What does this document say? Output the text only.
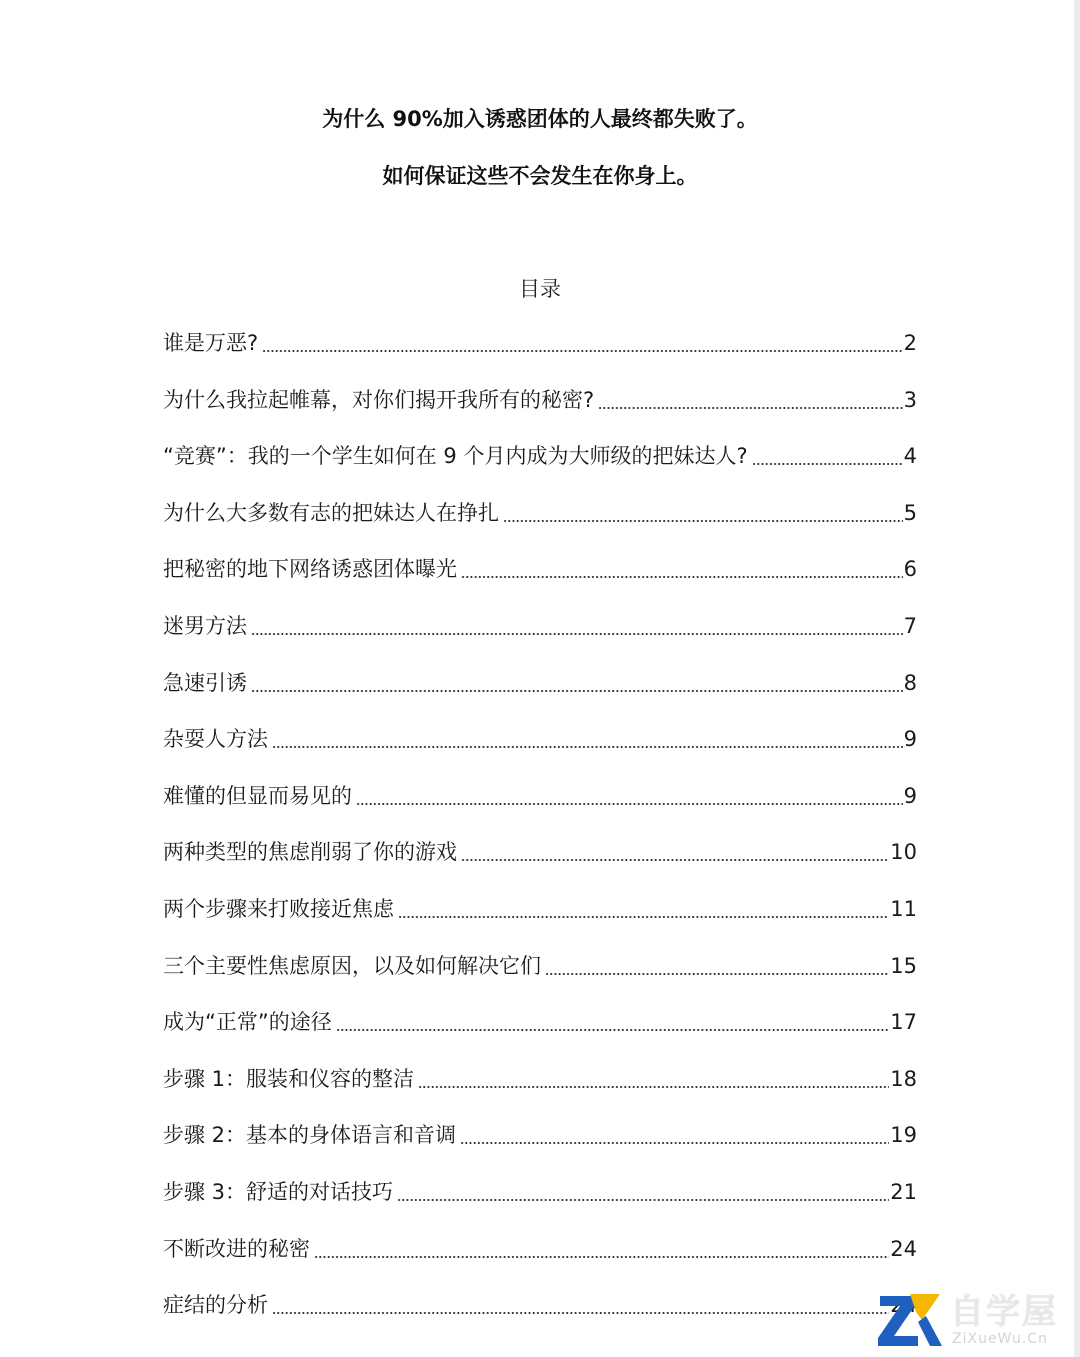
为什么 90%加入诱惑团体的人最终都失败了。
如何保证这些不会发生在你身上。
目录
谁是万恶?	2
为什么我拉起帷幕，对你们揭开我所有的秘密?	3
“竞赛”：我的一个学生如何在 9 个月内成为大师级的把妹达人?	4
为什么大多数有志的把妹达人在挣扎	5
把秘密的地下网络诱惑团体曝光	6
迷男方法	7
急速引诱	8
杂耍人方法	9
难懂的但显而易见的	9
两种类型的焦虑削弱了你的游戏	10
两个步骤来打败接近焦虑	11
三个主要性焦虑原因，以及如何解决它们	15
成为“正常”的途径	17
步骤 1：服装和仪容的整洁	18
步骤 2：基本的身体语言和音调	19
步骤 3：舒适的对话技巧	21
不断改进的秘密	24
症结的分析	自学屋
ZiXueWu.Cn
